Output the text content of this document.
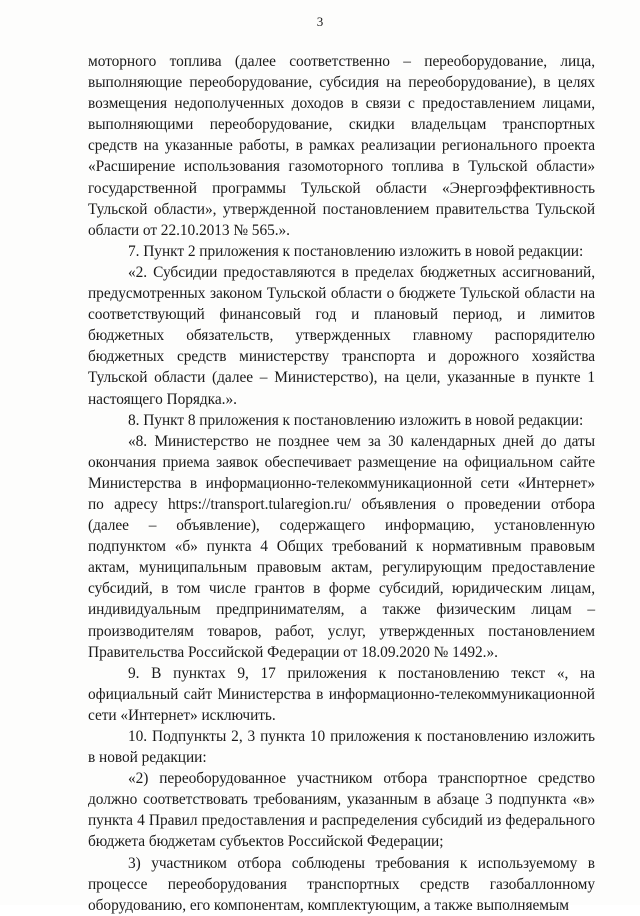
3

моторного топлива (далее соответственно – переоборудование, лица, выполняющие переоборудование, субсидия на переоборудование), в целях возмещения недополученных доходов в связи с предоставлением лицами, выполняющими переоборудование, скидки владельцам транспортных средств на указанные работы, в рамках реализации регионального проекта «Расширение использования газомоторного топлива в Тульской области» государственной программы Тульской области «Энергоэффективность Тульской области», утвержденной постановлением правительства Тульской области от 22.10.2013 № 565.».

7. Пункт 2 приложения к постановлению изложить в новой редакции:

«2. Субсидии предоставляются в пределах бюджетных ассигнований, предусмотренных законом Тульской области о бюджете Тульской области на соответствующий финансовый год и плановый период, и лимитов бюджетных обязательств, утвержденных главному распорядителю бюджетных средств министерству транспорта и дорожного хозяйства Тульской области (далее – Министерство), на цели, указанные в пункте 1 настоящего Порядка.».

8. Пункт 8 приложения к постановлению изложить в новой редакции:

«8. Министерство не позднее чем за 30 календарных дней до даты окончания приема заявок обеспечивает размещение на официальном сайте Министерства в информационно-телекоммуникационной сети «Интернет» по адресу https://transport.tularegion.ru/ объявления о проведении отбора (далее – объявление), содержащего информацию, установленную подпунктом «б» пункта 4 Общих требований к нормативным правовым актам, муниципальным правовым актам, регулирующим предоставление субсидий, в том числе грантов в форме субсидий, юридическим лицам, индивидуальным предпринимателям, а также физическим лицам – производителям товаров, работ, услуг, утвержденных постановлением Правительства Российской Федерации от 18.09.2020 № 1492.».

9. В пунктах 9, 17 приложения к постановлению текст «, на официальный сайт Министерства в информационно-телекоммуникационной сети «Интернет» исключить.

10. Подпункты 2, 3 пункта 10 приложения к постановлению изложить в новой редакции:

«2) переоборудованное участником отбора транспортное средство должно соответствовать требованиям, указанным в абзаце 3 подпункта «в» пункта 4 Правил предоставления и распределения субсидий из федерального бюджета бюджетам субъектов Российской Федерации;

3) участником отбора соблюдены требования к используемому в процессе переоборудования транспортных средств газобаллонному оборудованию, его компонентам, комплектующим, а также выполняемым
